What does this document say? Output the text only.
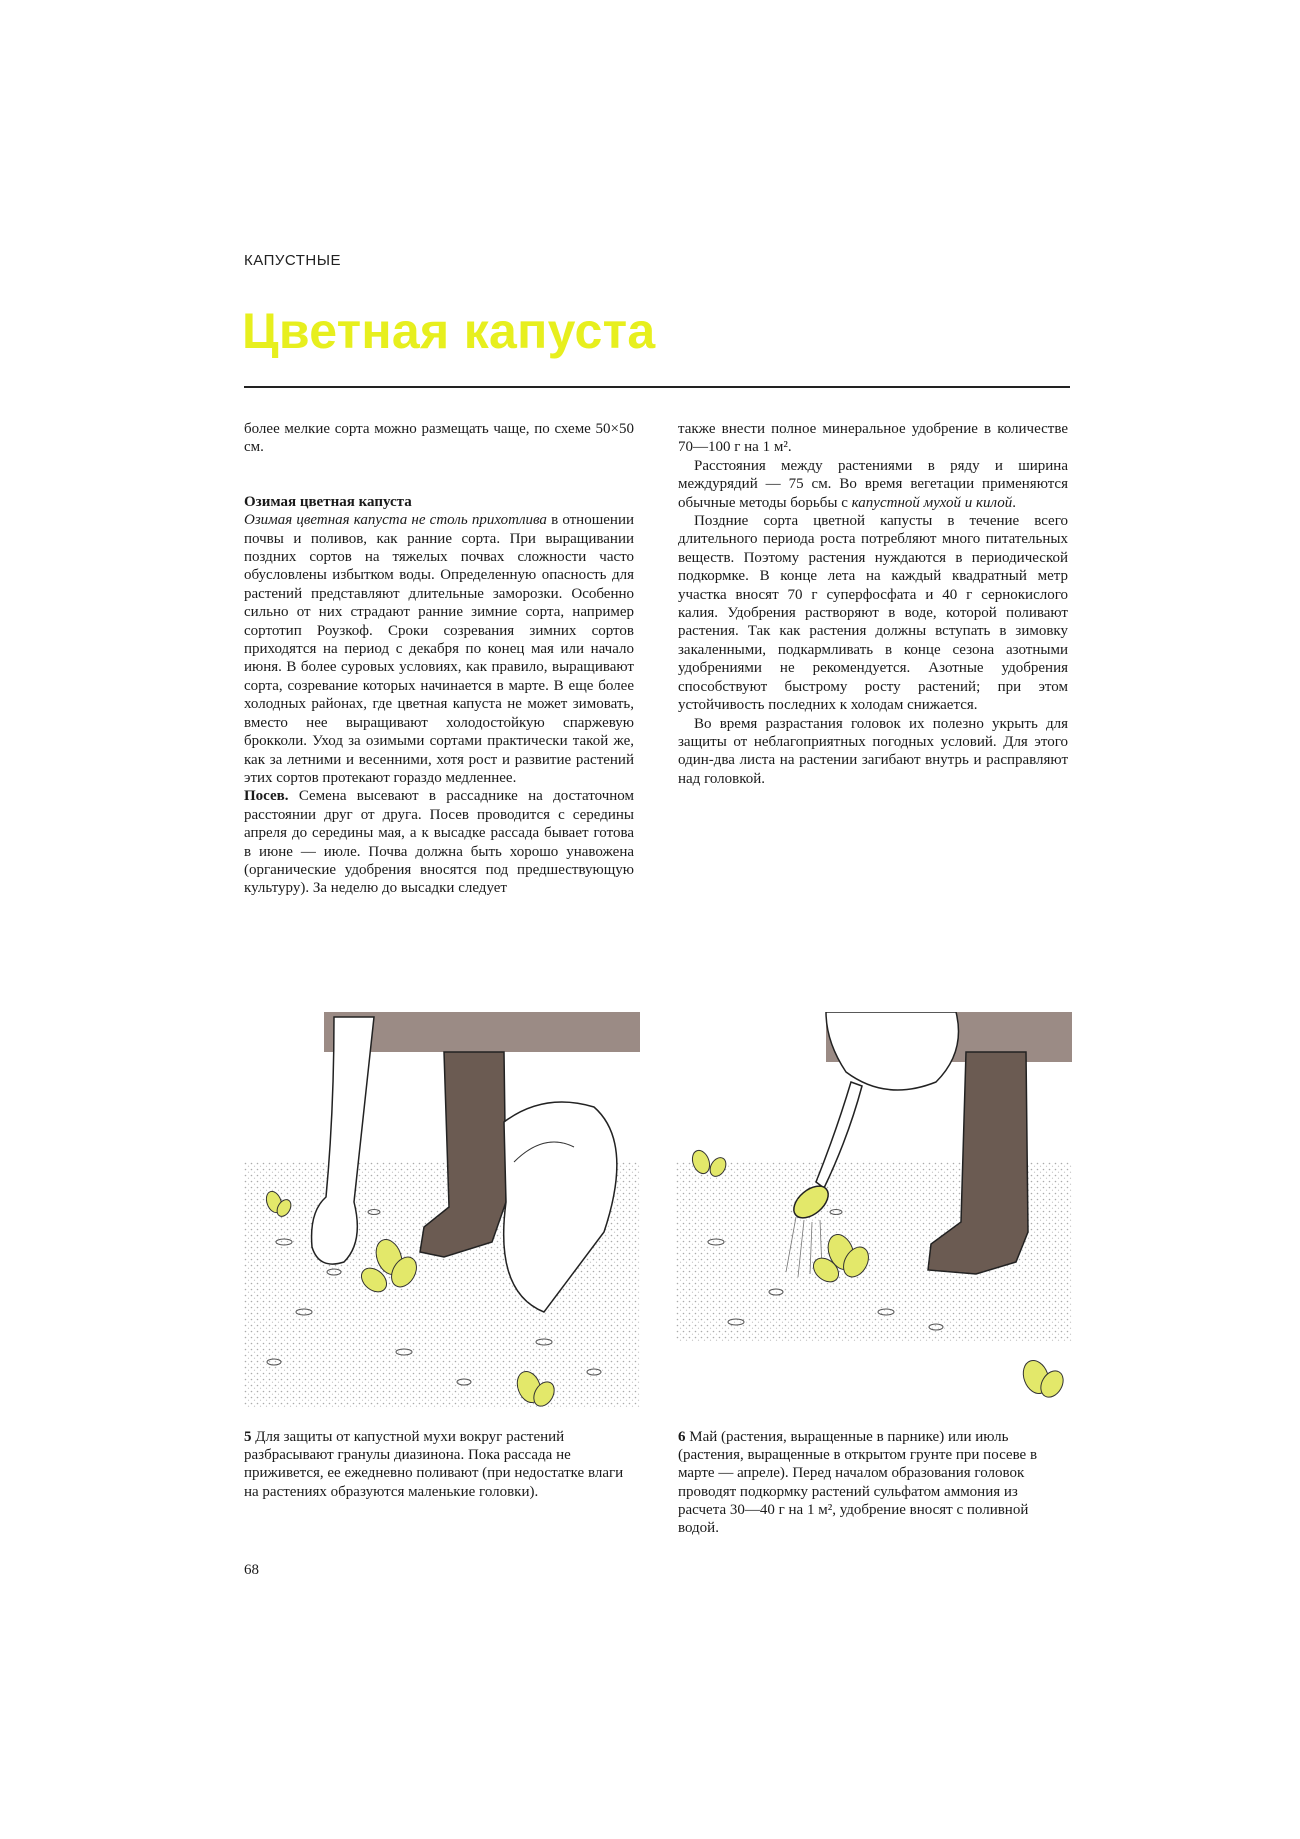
КАПУСТНЫЕ
Цветная капуста

более мелкие сорта можно размещать чаще, по схеме 50×50 см.

Озимая цветная капуста

Озимая цветная капуста не столь прихотлива в отношении почвы и поливов, как ранние сорта. При выращивании поздних сортов на тяжелых почвах сложности часто обусловлены избытком воды. Определенную опасность для растений представляют длительные заморозки. Особенно сильно от них страдают ранние зимние сорта, например сортотип Роузкоф. Сроки созревания зимних сортов приходятся на период с декабря по конец мая или начало июня. В более суровых условиях, как правило, выращивают сорта, созревание которых начинается в марте. В еще более холодных районах, где цветная капуста не может зимовать, вместо нее выращивают холодостойкую спаржевую брокколи. Уход за озимыми сортами практически такой же, как за летними и весенними, хотя рост и развитие растений этих сортов протекают гораздо медленнее.

Посев. Семена высевают в рассаднике на достаточном расстоянии друг от друга. Посев проводится с середины апреля до середины мая, а к высадке рассада бывает готова в июне — июле. Почва должна быть хорошо унавожена (органические удобрения вносятся под предшествующую культуру). За неделю до высадки следует

также внести полное минеральное удобрение в количестве 70—100 г на 1 м².

Расстояния между растениями в ряду и ширина междурядий — 75 см. Во время вегетации применяются обычные методы борьбы с капустной мухой и килой.

Поздние сорта цветной капусты в течение всего длительного периода роста потребляют много питательных веществ. Поэтому растения нуждаются в периодической подкормке. В конце лета на каждый квадратный метр участка вносят 70 г суперфосфата и 40 г сернокислого калия. Удобрения растворяют в воде, которой поливают растения. Так как растения должны вступать в зимовку закаленными, подкармливать в конце сезона азотными удобрениями не рекомендуется. Азотные удобрения способствуют быстрому росту растений; при этом устойчивость последних к холодам снижается.

Во время разрастания головок их полезно укрыть для защиты от неблагоприятных погодных условий. Для этого один-два листа на растении загибают внутрь и расправляют над головкой.

5 Для защиты от капустной мухи вокруг растений разбрасывают гранулы диазинона. Пока рассада не приживется, ее ежедневно поливают (при недостатке влаги на растениях образуются маленькие головки).
6 Май (растения, выращенные в парнике) или июль (растения, выращенные в открытом грунте при посеве в марте — апреле). Перед началом образования головок проводят подкормку растений сульфатом аммония из расчета 30—40 г на 1 м², удобрение вносят с поливной водой.
68
